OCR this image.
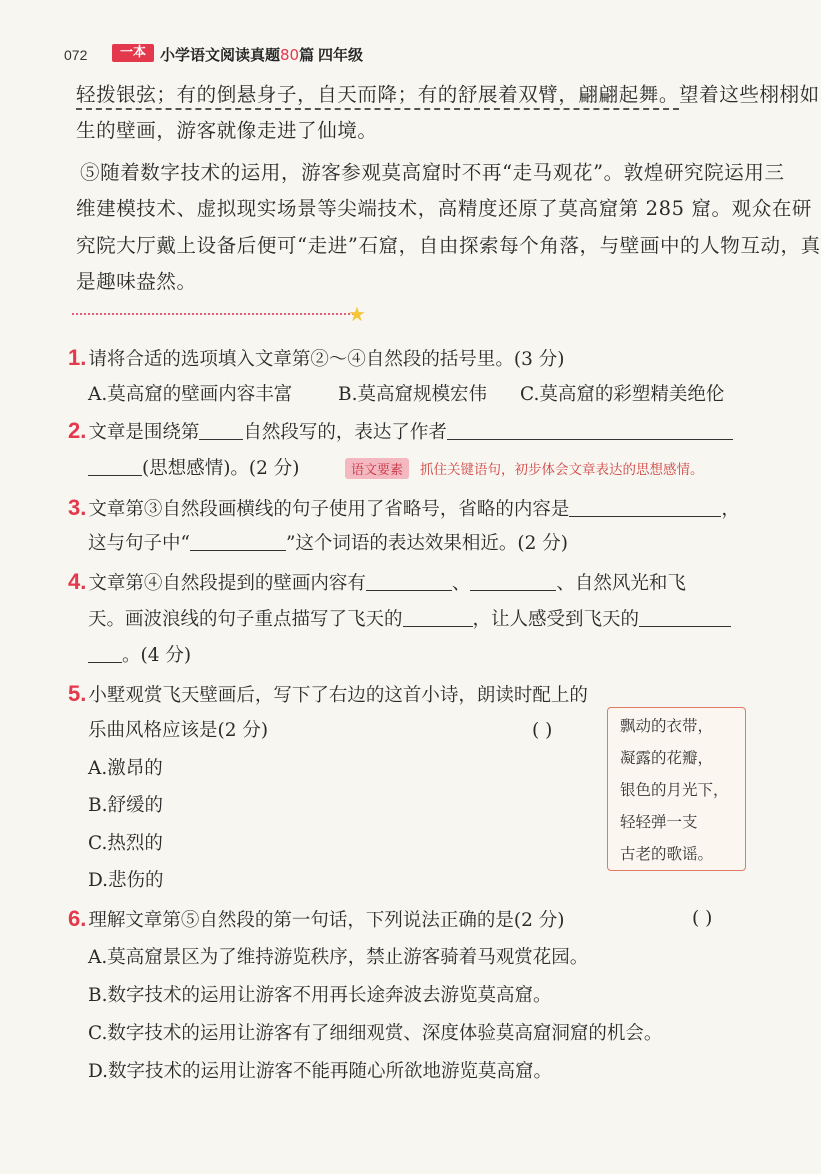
072	一本 小学语文阅读真题80篇 四年级
轻拨银弦；有的倒悬身子，自天而降；有的舒展着双臂，翩翩起舞。望着这些栩栩如
生的壁画，游客就像走进了仙境。
⑤随着数字技术的运用，游客参观莫高窟时不再“走马观花”。敦煌研究院运用三
维建模技术、虚拟现实场景等尖端技术，高精度还原了莫高窟第 285 窟。观众在研
究院大厅戴上设备后便可“走进”石窟，自由探索每个角落，与壁画中的人物互动，真
是趣味盎然。
★
1. 请将合适的选项填入文章第②～④自然段的括号里。(3 分)
A.莫高窟的壁画内容丰富 B.莫高窟规模宏伟 C.莫高窟的彩塑精美绝伦
2. 文章是围绕第 自然段写的，表达了作者
(思想感情)。(2 分)	语文要素	抓住关键语句，初步体会文章表达的思想感情。
3. 文章第③自然段画横线的句子使用了省略号，省略的内容是	，
这与句子中“	”这个词语的表达效果相近。(2 分)
4. 文章第④自然段提到的壁画内容有	、	、自然风光和飞
天。画波浪线的句子重点描写了飞天的	，让人感受到飞天的
。(4 分)
5. 小墅观赏飞天壁画后，写下了右边的这首小诗，朗读时配上的
乐曲风格应该是(2 分)	( )
A.激昂的
B.舒缓的
C.热烈的
D.悲伤的
飘动的衣带，
凝露的花瓣，
银色的月光下，
轻轻弹一支
古老的歌谣。
6. 理解文章第⑤自然段的第一句话，下列说法正确的是(2 分)	( )
A.莫高窟景区为了维持游览秩序，禁止游客骑着马观赏花园。
B.数字技术的运用让游客不用再长途奔波去游览莫高窟。
C.数字技术的运用让游客有了细细观赏、深度体验莫高窟洞窟的机会。
D.数字技术的运用让游客不能再随心所欲地游览莫高窟。
